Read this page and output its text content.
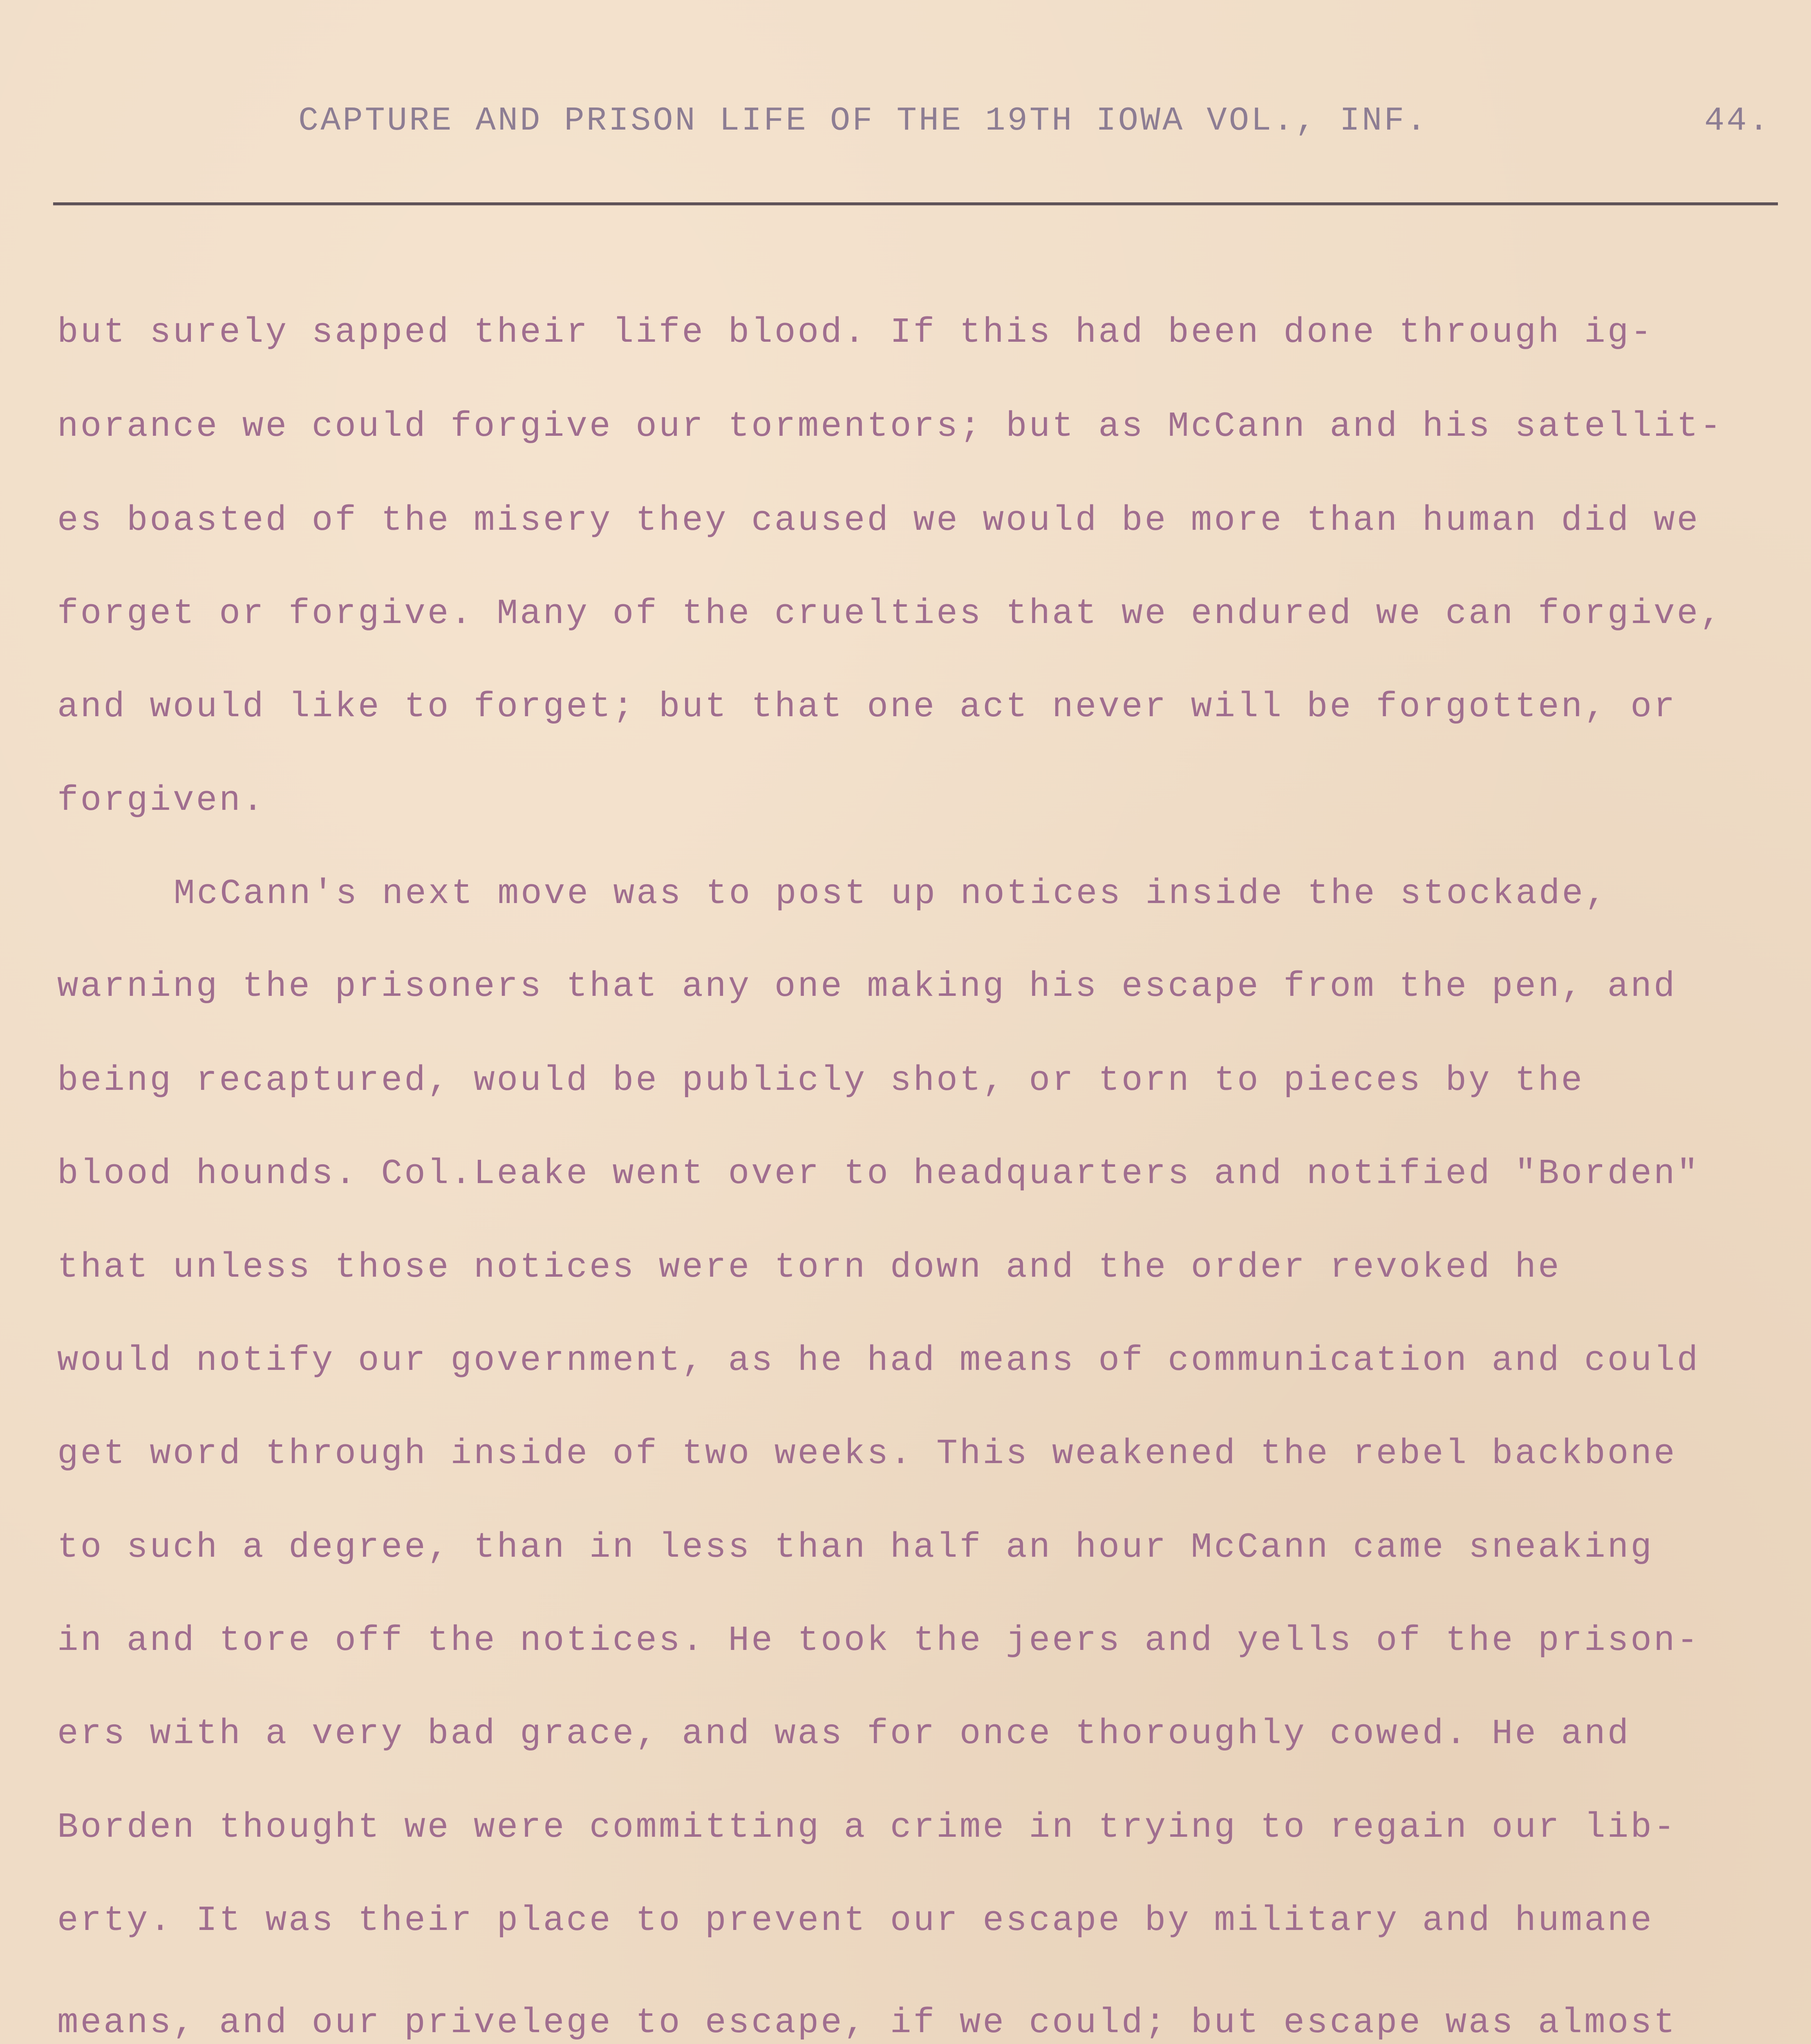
CAPTURE AND PRISON LIFE OF THE 19TH IOWA VOL., INF.	44.
but surely sapped their life blood. If this had been done through ig-
norance we could forgive our tormentors; but as McCann and his satellit-
es boasted of the misery they caused we would be more than human did we
forget or forgive. Many of the cruelties that we endured we can forgive,
and would like to forget; but that one act never will be forgotten, or
forgiven.
McCann's next move was to post up notices inside the stockade,
warning the prisoners that any one making his escape from the pen, and
being recaptured, would be publicly shot, or torn to pieces by the
blood hounds. Col.Leake went over to headquarters and notified "Borden"
that unless those notices were torn down and the order revoked he
would notify our government, as he had means of communication and could
get word through inside of two weeks. This weakened the rebel backbone
to such a degree, than in less than half an hour McCann came sneaking
in and tore off the notices. He took the jeers and yells of the prison-
ers with a very bad grace, and was for once thoroughly cowed. He and
Borden thought we were committing a crime in trying to regain our lib-
erty. It was their place to prevent our escape by military and humane
means, and our privelege to escape, if we could; but escape was almost
